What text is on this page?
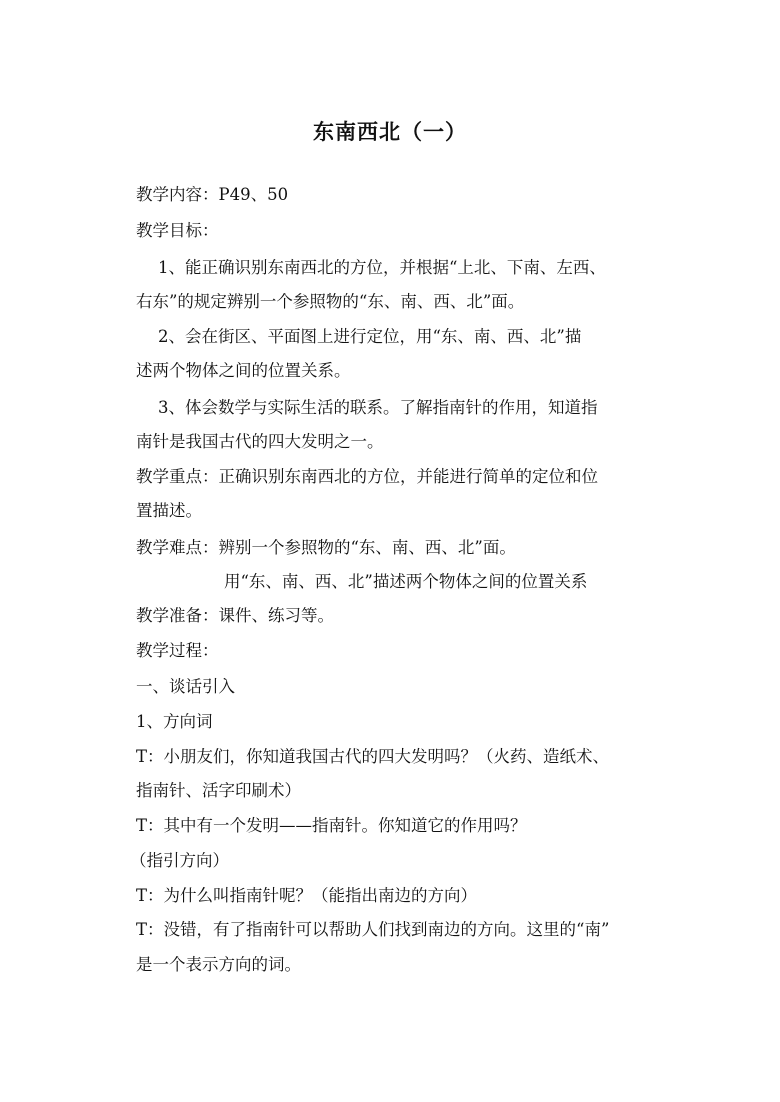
东南西北（一）
教学内容：P49、50
教学目标：
1、能正确识别东南西北的方位，并根据“上北、下南、左西、
右东”的规定辨别一个参照物的“东、南、西、北”面。
2、会在街区、平面图上进行定位，用“东、南、西、北”描
述两个物体之间的位置关系。
3、体会数学与实际生活的联系。了解指南针的作用，知道指
南针是我国古代的四大发明之一。
教学重点：正确识别东南西北的方位，并能进行简单的定位和位
置描述。
教学难点：辨别一个参照物的“东、南、西、北”面。
用“东、南、西、北”描述两个物体之间的位置关系
教学准备：课件、练习等。
教学过程：
一、谈话引入
1、方向词
T：小朋友们，你知道我国古代的四大发明吗？（火药、造纸术、
指南针、活字印刷术）
T：其中有一个发明——指南针。你知道它的作用吗？
（指引方向）
T：为什么叫指南针呢？（能指出南边的方向）
T：没错，有了指南针可以帮助人们找到南边的方向。这里的“南”
是一个表示方向的词。
